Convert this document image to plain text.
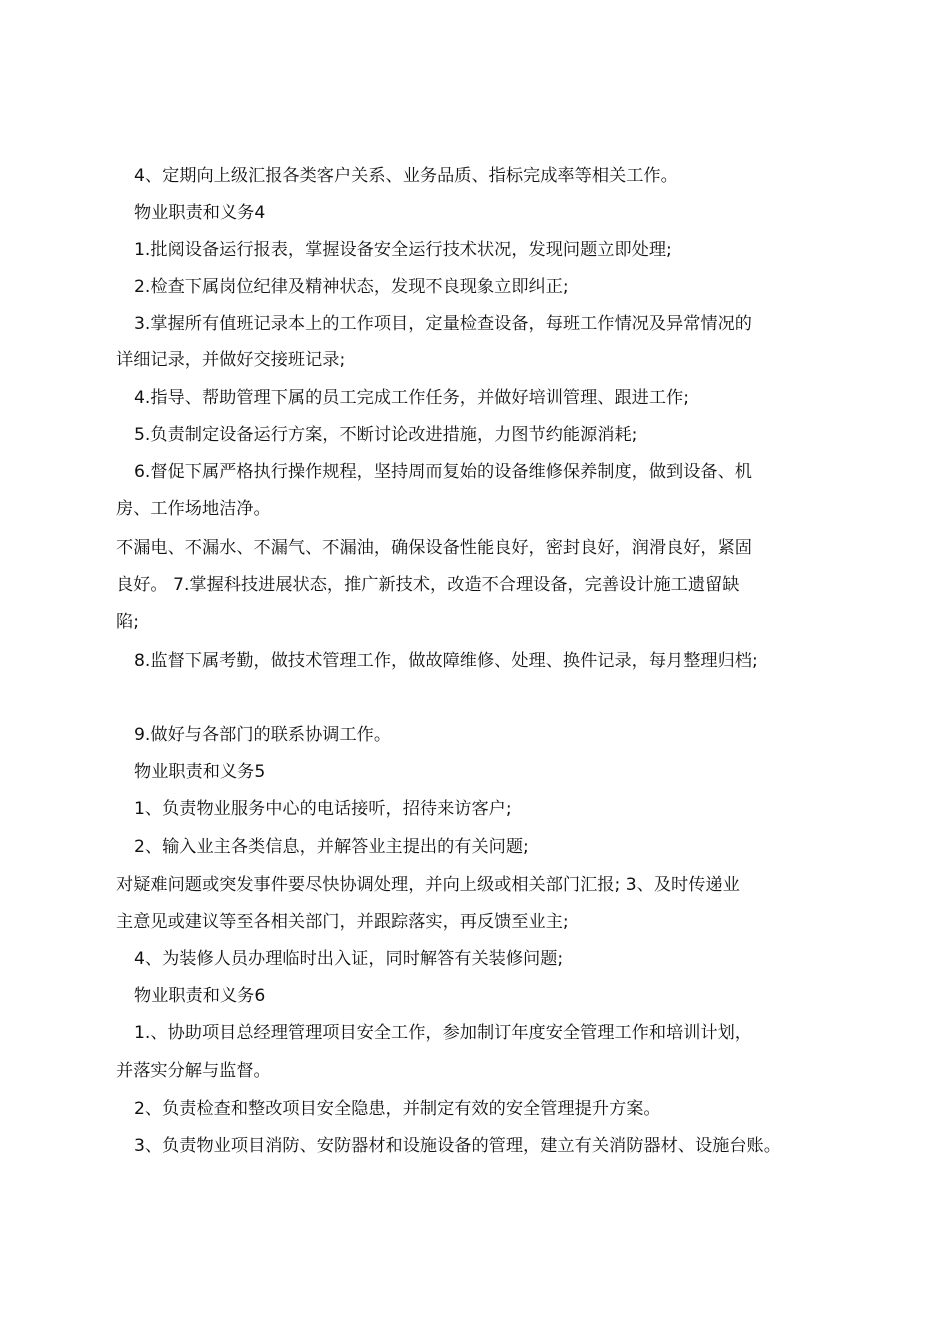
4、定期向上级汇报各类客户关系、业务品质、指标完成率等相关工作。

物业职责和义务4

1.批阅设备运行报表，掌握设备安全运行技术状况，发现问题立即处理;

2.检查下属岗位纪律及精神状态，发现不良现象立即纠正;

3.掌握所有值班记录本上的工作项目，定量检查设备，每班工作情况及异常情况的

详细记录，并做好交接班记录;

4.指导、帮助管理下属的员工完成工作任务，并做好培训管理、跟进工作;

5.负责制定设备运行方案，不断讨论改进措施，力图节约能源消耗;

6.督促下属严格执行操作规程，坚持周而复始的设备维修保养制度，做到设备、机

房、工作场地洁净。

不漏电、不漏水、不漏气、不漏油，确保设备性能良好，密封良好，润滑良好，紧固

良好。 7.掌握科技进展状态，推广新技术，改造不合理设备，完善设计施工遗留缺

陷;

8.监督下属考勤，做技术管理工作，做故障维修、处理、换件记录，每月整理归档;

9.做好与各部门的联系协调工作。

物业职责和义务5

1、负责物业服务中心的电话接听，招待来访客户;

2、输入业主各类信息，并解答业主提出的有关问题;

对疑难问题或突发事件要尽快协调处理，并向上级或相关部门汇报; 3、及时传递业

主意见或建议等至各相关部门，并跟踪落实，再反馈至业主;

4、为装修人员办理临时出入证，同时解答有关装修问题;

物业职责和义务6

1.、协助项目总经理管理项目安全工作，参加制订年度安全管理工作和培训计划，

并落实分解与监督。

2、负责检查和整改项目安全隐患，并制定有效的安全管理提升方案。

3、负责物业项目消防、安防器材和设施设备的管理，建立有关消防器材、设施台账。
